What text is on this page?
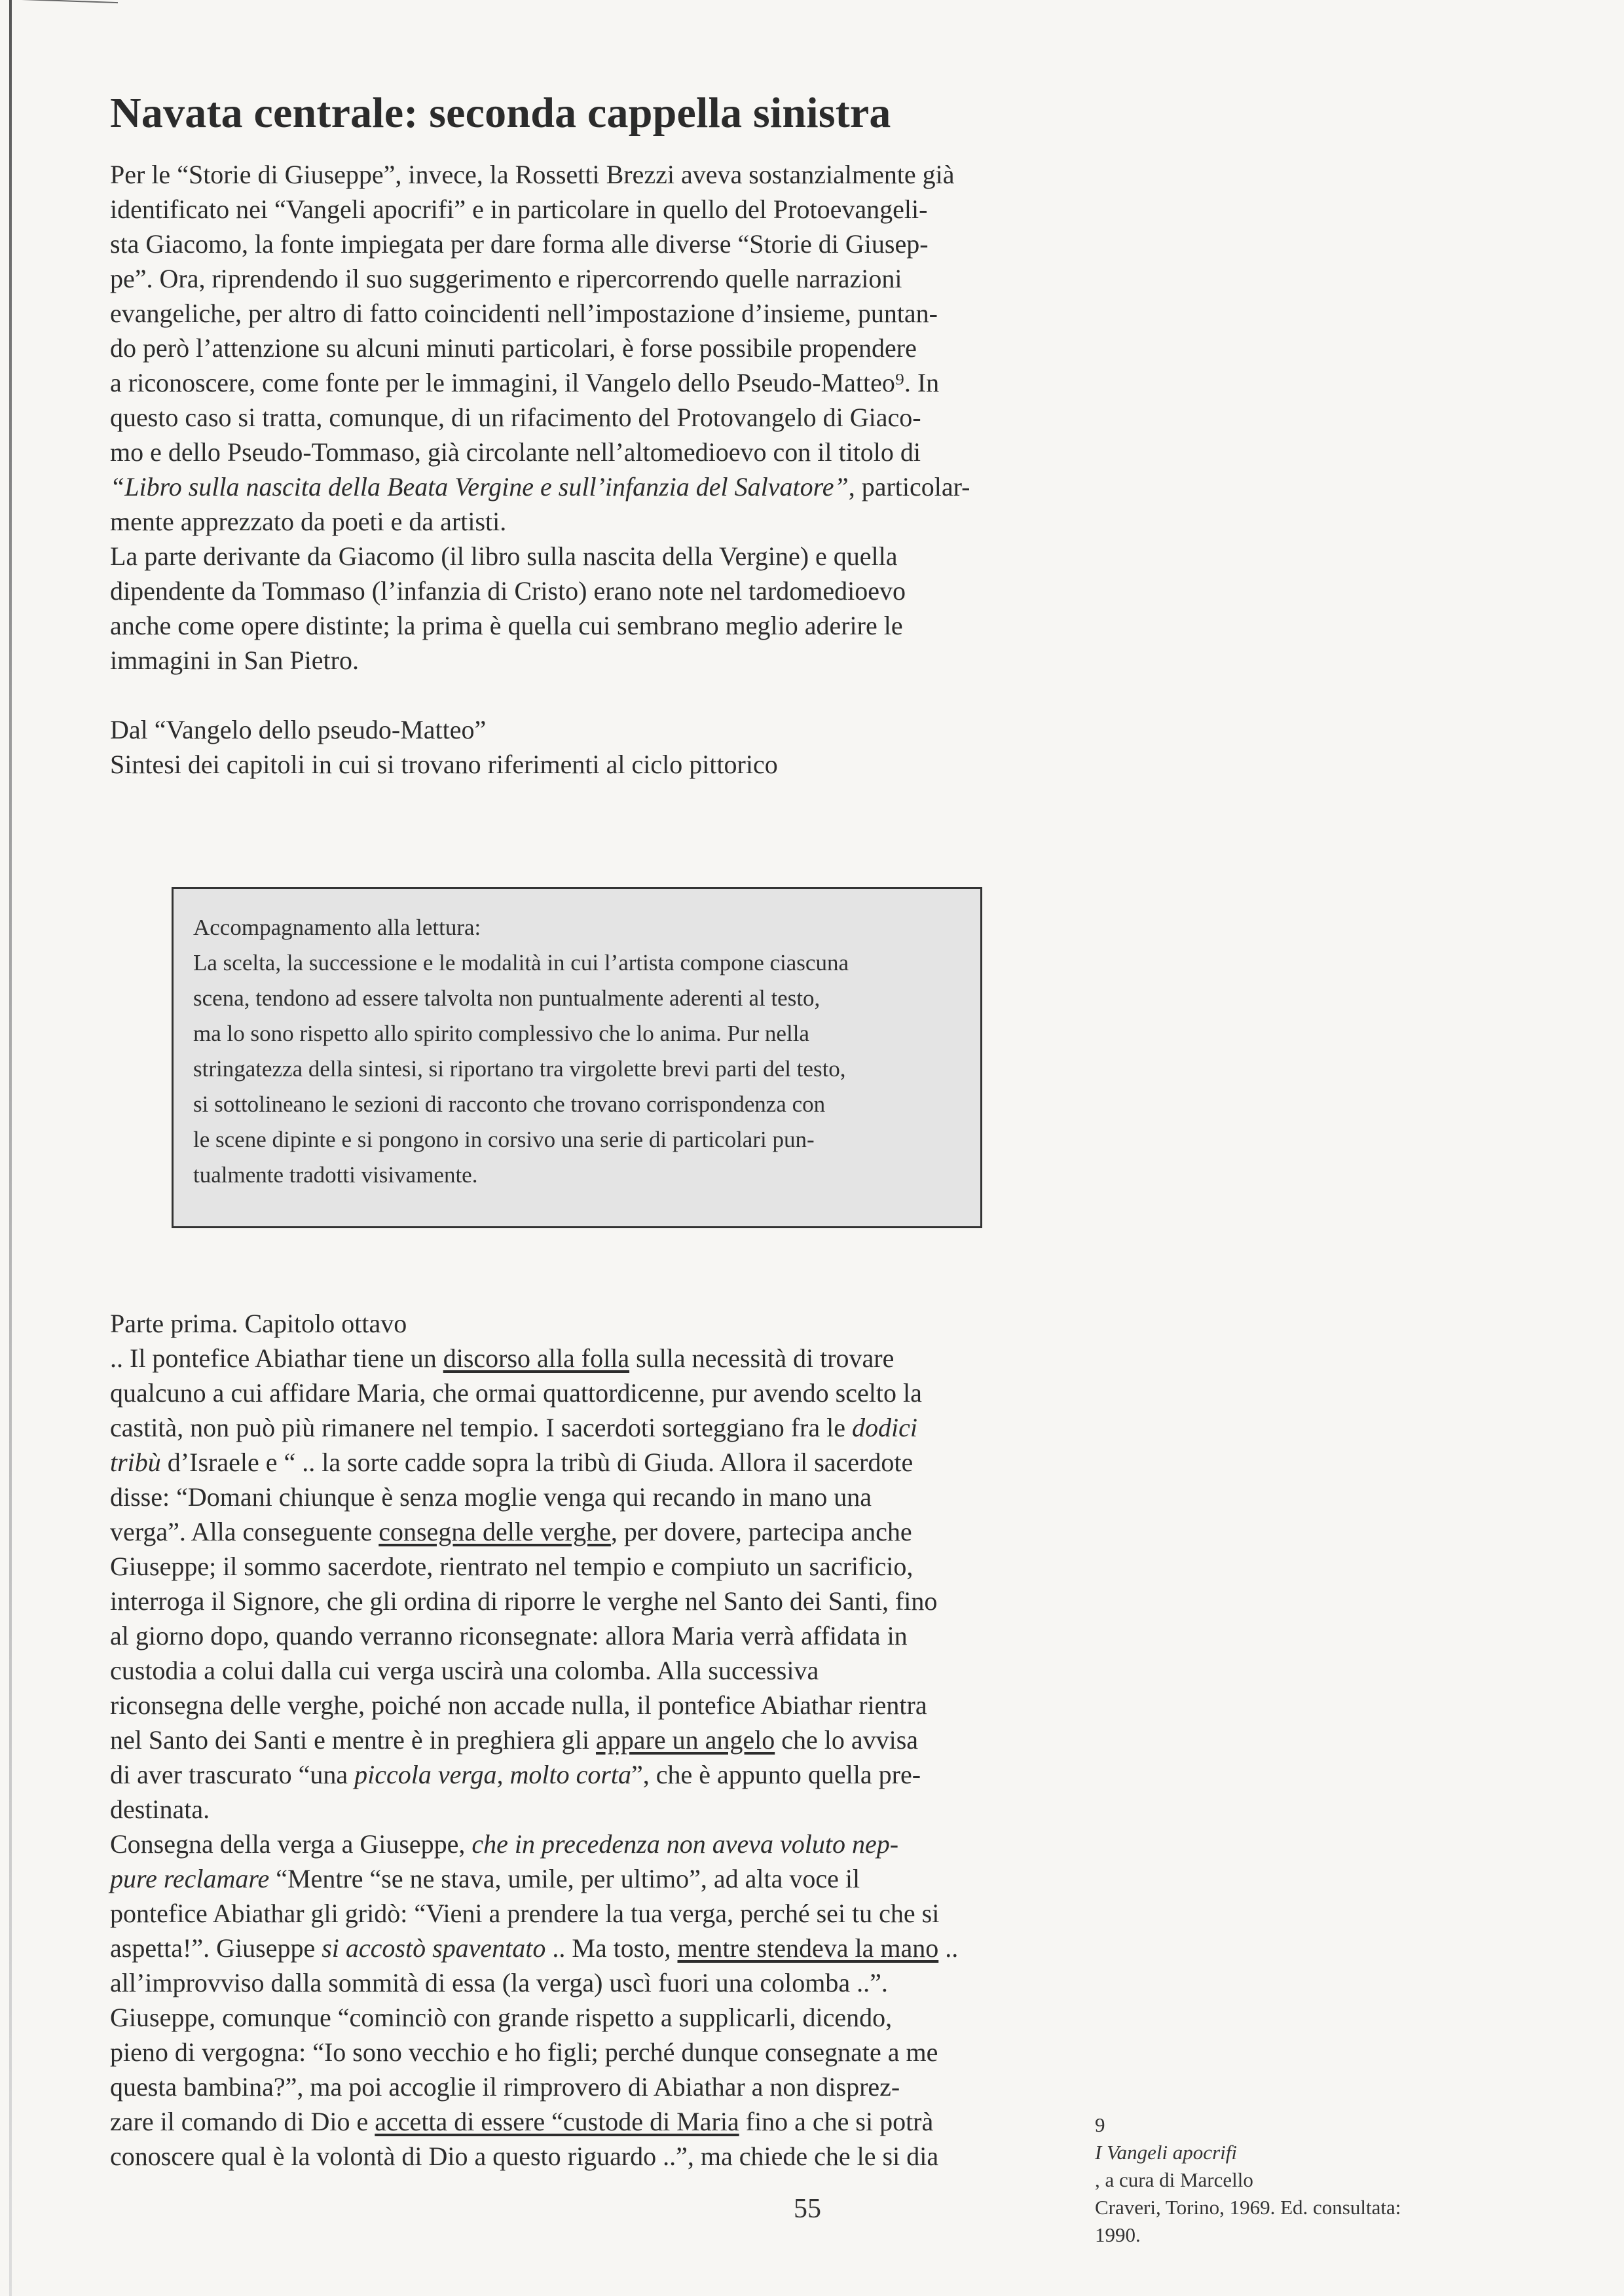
Navata centrale: seconda cappella sinistra

Per le “Storie di Giuseppe”, invece, la Rossetti Brezzi aveva sostanzialmente già
identificato nei “Vangeli apocrifi” e in particolare in quello del Protoevangeli-
sta Giacomo, la fonte impiegata per dare forma alle diverse “Storie di Giusep-
pe”. Ora, riprendendo il suo suggerimento e ripercorrendo quelle narrazioni
evangeliche, per altro di fatto coincidenti nell’impostazione d’insieme, puntan-
do però l’attenzione su alcuni minuti particolari, è forse possibile propendere
a riconoscere, come fonte per le immagini, il Vangelo dello Pseudo-Matteo⁹. In
questo caso si tratta, comunque, di un rifacimento del Protovangelo di Giaco-
mo e dello Pseudo-Tommaso, già circolante nell’altomedioevo con il titolo di
“Libro sulla nascita della Beata Vergine e sull’infanzia del Salvatore”, particolar-
mente apprezzato da poeti e da artisti.

La parte derivante da Giacomo (il libro sulla nascita della Vergine) e quella
dipendente da Tommaso (l’infanzia di Cristo) erano note nel tardomedioevo
anche come opere distinte; la prima è quella cui sembrano meglio aderire le
immagini in San Pietro.

Dal “Vangelo dello pseudo-Matteo”
Sintesi dei capitoli in cui si trovano riferimenti al ciclo pittorico

Accompagnamento alla lettura:
La scelta, la successione e le modalità in cui l’artista compone ciascuna
scena, tendono ad essere talvolta non puntualmente aderenti al testo,
ma lo sono rispetto allo spirito complessivo che lo anima. Pur nella
stringatezza della sintesi, si riportano tra virgolette brevi parti del testo,
si sottolineano le sezioni di racconto che trovano corrispondenza con
le scene dipinte e si pongono in corsivo una serie di particolari pun-
tualmente tradotti visivamente.

Parte prima. Capitolo ottavo

.. Il pontefice Abiathar tiene un discorso alla folla sulla necessità di trovare
qualcuno a cui affidare Maria, che ormai quattordicenne, pur avendo scelto la
castità, non può più rimanere nel tempio. I sacerdoti sorteggiano fra le dodici
tribù d’Israele e “ .. la sorte cadde sopra la tribù di Giuda. Allora il sacerdote
disse: “Domani chiunque è senza moglie venga qui recando in mano una
verga”. Alla conseguente consegna delle verghe, per dovere, partecipa anche
Giuseppe; il sommo sacerdote, rientrato nel tempio e compiuto un sacrificio,
interroga il Signore, che gli ordina di riporre le verghe nel Santo dei Santi, fino
al giorno dopo, quando verranno riconsegnate: allora Maria verrà affidata in
custodia a colui dalla cui verga uscirà una colomba. Alla successiva
riconsegna delle verghe, poiché non accade nulla, il pontefice Abiathar rientra
nel Santo dei Santi e mentre è in preghiera gli appare un angelo che lo avvisa
di aver trascurato “una piccola verga, molto corta”, che è appunto quella pre-
destinata.
Consegna della verga a Giuseppe, che in precedenza non aveva voluto nep-
pure reclamare “Mentre “se ne stava, umile, per ultimo”, ad alta voce il
pontefice Abiathar gli gridò: “Vieni a prendere la tua verga, perché sei tu che si
aspetta!”. Giuseppe si accostò spaventato .. Ma tosto, mentre stendeva la mano ..
all’improvviso dalla sommità di essa (la verga) uscì fuori una colomba ..”.
Giuseppe, comunque “cominciò con grande rispetto a supplicarli, dicendo,
pieno di vergogna: “Io sono vecchio e ho figli; perché dunque consegnate a me
questa bambina?”, ma poi accoglie il rimprovero di Abiathar a non disprez-
zare il comando di Dio e accetta di essere “custode di Maria fino a che si potrà
conoscere qual è la volontà di Dio a questo riguardo ..”, ma chiede che le si dia

9
I Vangeli apocrifi
, a cura di Marcello
Craveri, Torino, 1969. Ed. consultata:
1990.
55
